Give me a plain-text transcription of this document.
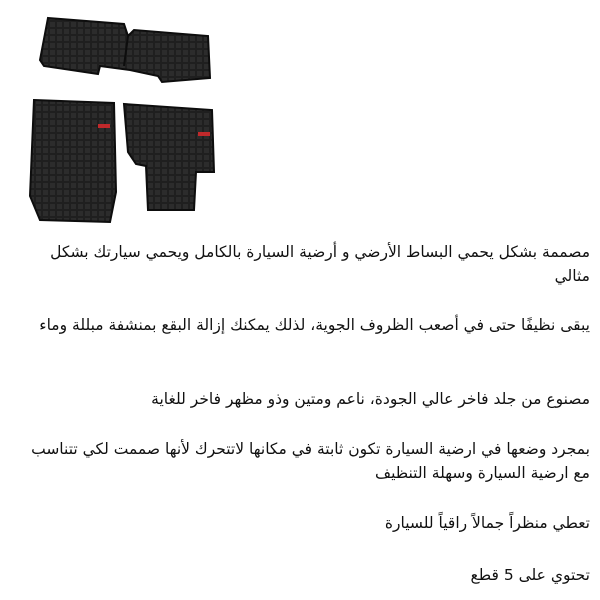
مصممة بشكل يحمي البساط الأرضي و أرضية السيارة بالكامل ويحمي سيارتك بشكل مثالي

يبقى نظيفًا حتى في أصعب الظروف الجوية، لذلك يمكنك إزالة البقع بمنشفة مبللة وماء

مصنوع من جلد فاخر عالي الجودة، ناعم ومتين وذو مظهر فاخر للغاية

بمجرد وضعها في ارضية السيارة تكون ثابتة في مكانها لاتتحرك لأنها صممت لكي تتناسب مع ارضية السيارة وسهلة التنظيف

تعطي منظراً جمالاً راقياً للسيارة

تحتوي على 5 قطع
